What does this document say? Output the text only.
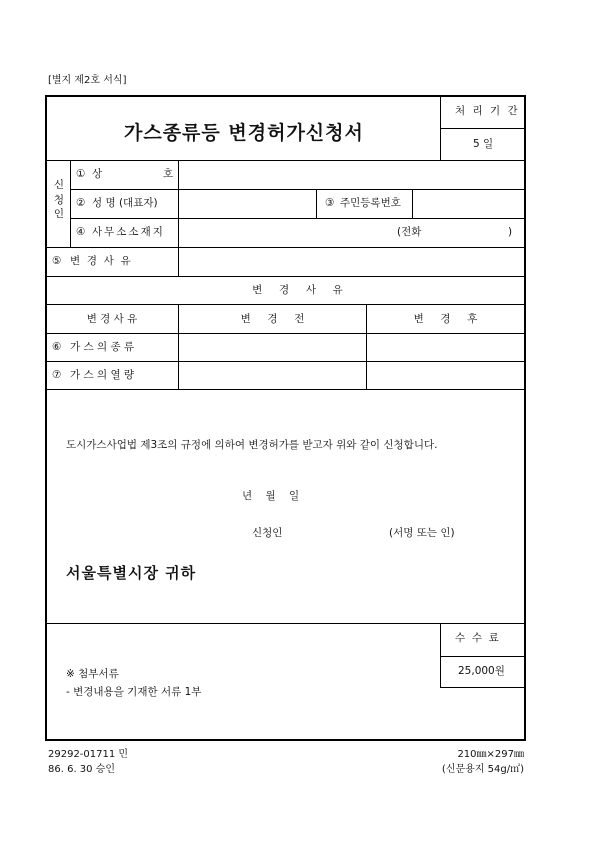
[별지 제2호 서식]
가스종류등 변경허가신청서
처 리 기 간
5 일
신
청
인
① 상	호
② 성 명 (대표자)	③ 주민등록번호
④ 사무소소재지	(전화	)
⑤ 변  경  사  유
변     경     사     유
변 경 사 유	변     경     전	변     경     후
⑥ 가 스 의 종 류
⑦ 가 스 의 열 량
도시가스사업법 제3조의 규정에 의하여 변경허가를 받고자 위와 같이 신청합니다.
년    월    일
신청인	(서명 또는 인)
서울특별시장 귀하
수  수  료
25,000원
※ 첨부서류
- 변경내용을 기재한 서류 1부
29292-01711 민
86. 6. 30 승인
210㎜×297㎜
(신문용지 54g/㎡)
